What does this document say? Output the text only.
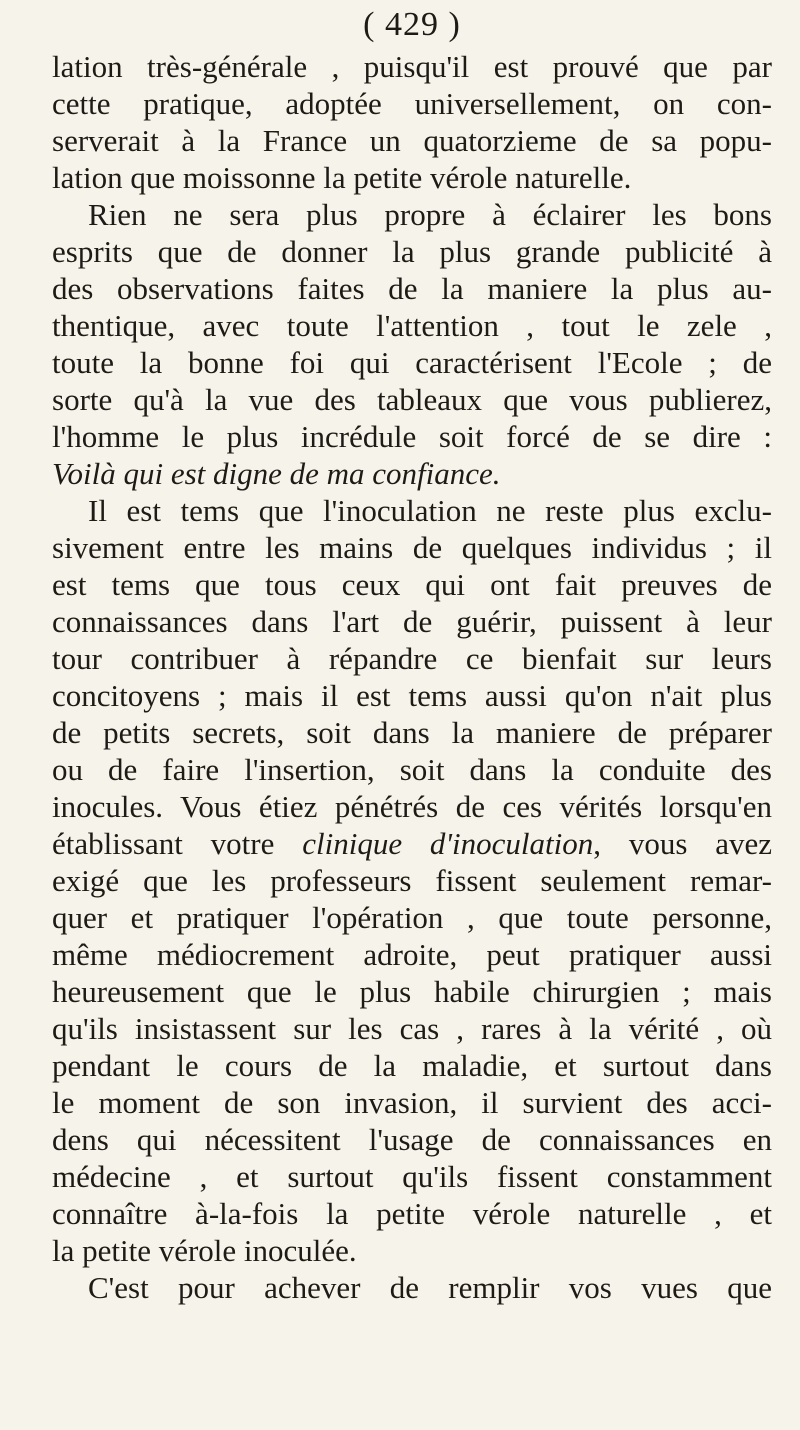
( 429 )
lation très-générale , puisqu'il est prouvé que par
cette pratique, adoptée universellement, on con-
serverait à la France un quatorzieme de sa popu-
lation que moissonne la petite vérole naturelle.
Rien ne sera plus propre à éclairer les bons
esprits que de donner la plus grande publicité à
des observations faites de la maniere la plus au-
thentique, avec toute l'attention , tout le zele ,
toute la bonne foi qui caractérisent l'Ecole ; de
sorte qu'à la vue des tableaux que vous publierez,
l'homme le plus incrédule soit forcé de se dire :
Voilà qui est digne de ma confiance.
Il est tems que l'inoculation ne reste plus exclu-
sivement entre les mains de quelques individus ; il
est tems que tous ceux qui ont fait preuves de
connaissances dans l'art de guérir, puissent à leur
tour contribuer à répandre ce bienfait sur leurs
concitoyens ; mais il est tems aussi qu'on n'ait plus
de petits secrets, soit dans la maniere de préparer
ou de faire l'insertion, soit dans la conduite des
inocules. Vous étiez pénétrés de ces vérités lorsqu'en
établissant votre clinique d'inoculation, vous avez
exigé que les professeurs fissent seulement remar-
quer et pratiquer l'opération , que toute personne,
même médiocrement adroite, peut pratiquer aussi
heureusement que le plus habile chirurgien ; mais
qu'ils insistassent sur les cas , rares à la vérité , où
pendant le cours de la maladie, et surtout dans
le moment de son invasion, il survient des acci-
dens qui nécessitent l'usage de connaissances en
médecine , et surtout qu'ils fissent constamment
connaître à-la-fois la petite vérole naturelle , et
la petite vérole inoculée.
C'est pour achever de remplir vos vues que
